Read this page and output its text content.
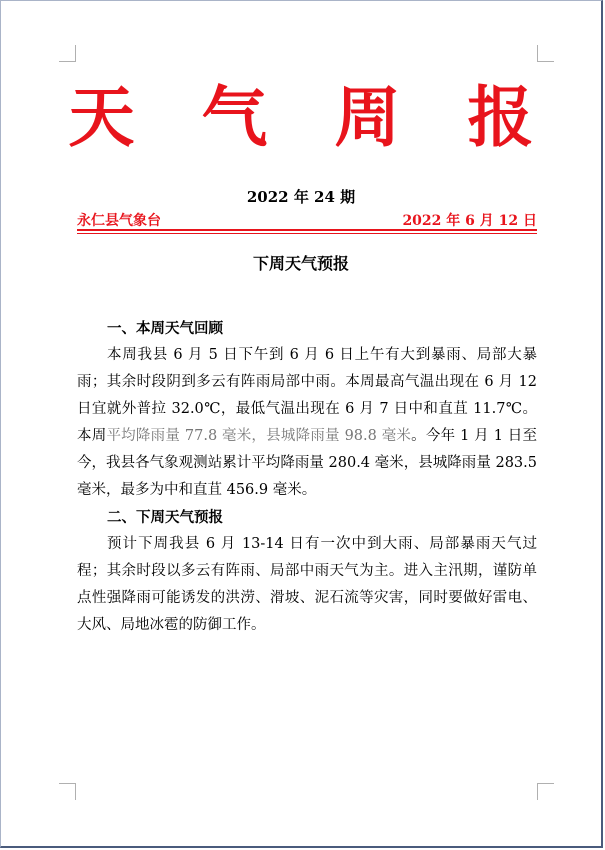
天 气 周 报
2022 年 24 期
永仁县气象台	2022 年 6 月 12 日
下周天气预报

一、本周天气回顾

本周我县 6 月 5 日下午到 6 月 6 日上午有大到暴雨、局部大暴雨；其余时段阴到多云有阵雨局部中雨。本周最高气温出现在 6 月 12 日宜就外普拉 32.0℃，最低气温出现在 6 月 7 日中和直苴 11.7℃。本周平均降雨量 77.8 毫米，县城降雨量 98.8 毫米。今年 1 月 1 日至今，我县各气象观测站累计平均降雨量 280.4 毫米，县城降雨量 283.5 毫米，最多为中和直苴 456.9 毫米。

二、下周天气预报

预计下周我县 6 月 13-14 日有一次中到大雨、局部暴雨天气过程；其余时段以多云有阵雨、局部中雨天气为主。进入主汛期，谨防单点性强降雨可能诱发的洪涝、滑坡、泥石流等灾害，同时要做好雷电、大风、局地冰雹的防御工作。
